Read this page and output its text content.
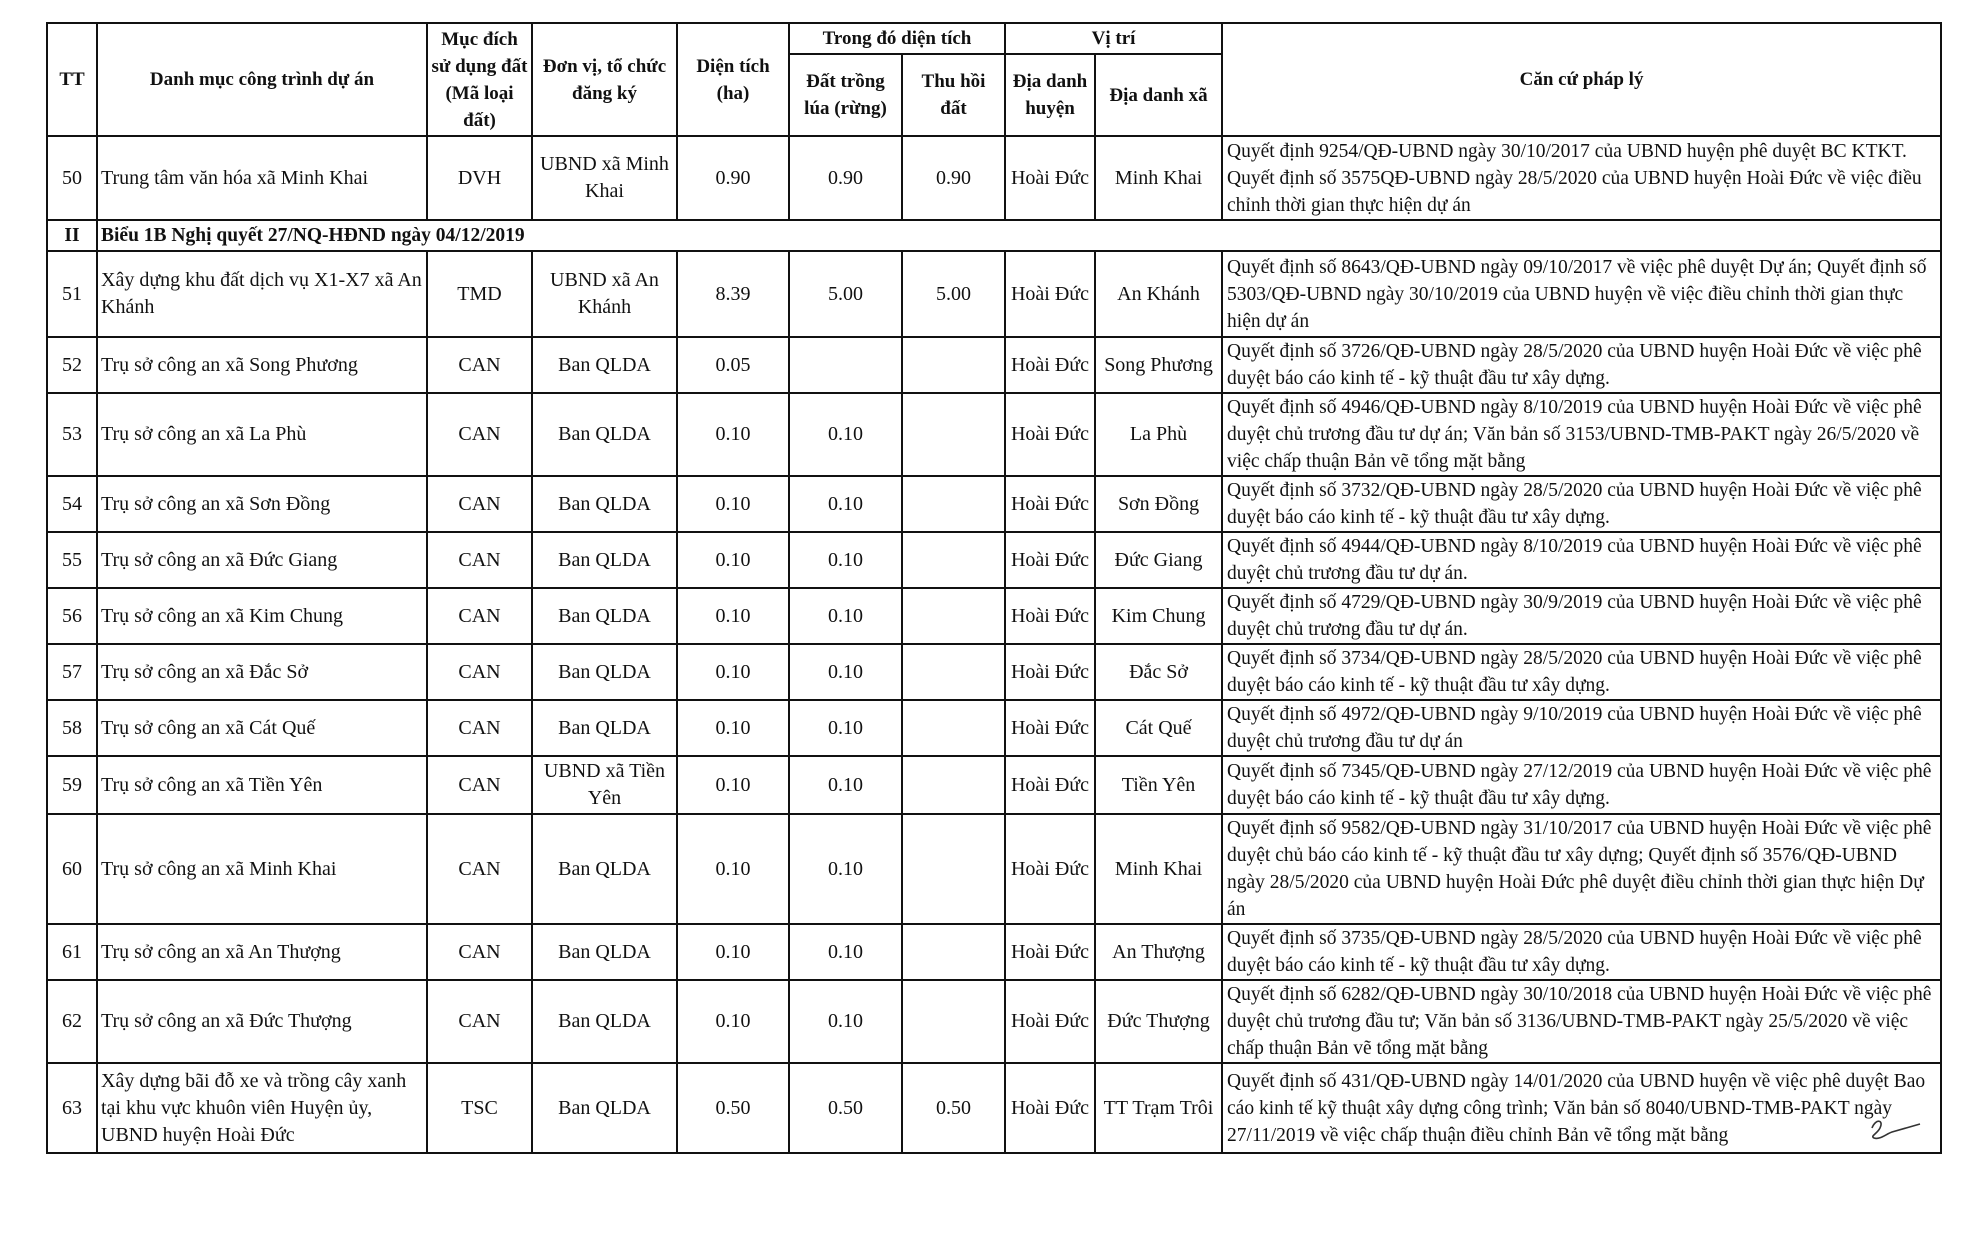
TT	Danh mục công trình dự án	Mục đích sử dụng đất (Mã loại đất)	Đơn vị, tổ chức đăng ký	Diện tích (ha)	Trong đó diện tích		Vị trí		Căn cứ pháp lý
					Đất trồng lúa (rừng)	Thu hồi đất	Địa danh huyện	Địa danh xã	
50	Trung tâm văn hóa xã Minh Khai	DVH	UBND xã Minh Khai	0.90	0.90	0.90	Hoài Đức	Minh Khai	Quyết định 9254/QĐ-UBND ngày 30/10/2017 của UBND huyện phê duyệt BC KTKT. Quyết định số 3575QĐ-UBND ngày 28/5/2020 của UBND huyện Hoài Đức về việc điều chỉnh thời gian thực hiện dự án
II	Biểu 1B Nghị quyết 27/NQ-HĐND ngày 04/12/2019								
51	Xây dựng khu đất dịch vụ X1-X7 xã An Khánh	TMD	UBND xã An Khánh	8.39	5.00	5.00	Hoài Đức	An Khánh	Quyết định số 8643/QĐ-UBND ngày 09/10/2017 về việc phê duyệt Dự án; Quyết định số 5303/QĐ-UBND ngày 30/10/2019 của UBND huyện về việc điều chỉnh thời gian thực hiện dự án
52	Trụ sở công an xã Song Phương	CAN	Ban QLDA	0.05			Hoài Đức	Song Phương	Quyết định số 3726/QĐ-UBND ngày 28/5/2020 của UBND huyện Hoài Đức về việc phê duyệt báo cáo kinh tế - kỹ thuật đầu tư xây dựng.
53	Trụ sở công an xã La Phù	CAN	Ban QLDA	0.10	0.10		Hoài Đức	La Phù	Quyết định số 4946/QĐ-UBND ngày 8/10/2019 của UBND huyện Hoài Đức về việc phê duyệt chủ trương đầu tư dự án; Văn bản số 3153/UBND-TMB-PAKT ngày 26/5/2020 về việc chấp thuận Bản vẽ tổng mặt bằng
54	Trụ sở công an xã Sơn Đồng	CAN	Ban QLDA	0.10	0.10		Hoài Đức	Sơn Đồng	Quyết định số 3732/QĐ-UBND ngày 28/5/2020 của UBND huyện Hoài Đức về việc phê duyệt báo cáo kinh tế - kỹ thuật đầu tư xây dựng.
55	Trụ sở công an xã Đức Giang	CAN	Ban QLDA	0.10	0.10		Hoài Đức	Đức Giang	Quyết định số 4944/QĐ-UBND ngày 8/10/2019 của UBND huyện Hoài Đức về việc phê duyệt chủ trương đầu tư dự án.
56	Trụ sở công an xã Kim Chung	CAN	Ban QLDA	0.10	0.10		Hoài Đức	Kim Chung	Quyết định số 4729/QĐ-UBND ngày 30/9/2019 của UBND huyện Hoài Đức về việc phê duyệt chủ trương đầu tư dự án.
57	Trụ sở công an xã Đắc Sở	CAN	Ban QLDA	0.10	0.10		Hoài Đức	Đắc Sở	Quyết định số 3734/QĐ-UBND ngày 28/5/2020 của UBND huyện Hoài Đức về việc phê duyệt báo cáo kinh tế - kỹ thuật đầu tư xây dựng.
58	Trụ sở công an xã Cát Quế	CAN	Ban QLDA	0.10	0.10		Hoài Đức	Cát Quế	Quyết định số 4972/QĐ-UBND ngày 9/10/2019 của UBND huyện Hoài Đức về việc phê duyệt chủ trương đầu tư dự án
59	Trụ sở công an xã Tiền Yên	CAN	UBND xã Tiền Yên	0.10	0.10		Hoài Đức	Tiền Yên	Quyết định số 7345/QĐ-UBND ngày 27/12/2019 của UBND huyện Hoài Đức về việc phê duyệt báo cáo kinh tế - kỹ thuật đầu tư xây dựng.
60	Trụ sở công an xã Minh Khai	CAN	Ban QLDA	0.10	0.10		Hoài Đức	Minh Khai	Quyết định số 9582/QĐ-UBND ngày 31/10/2017 của UBND huyện Hoài Đức về việc phê duyệt chủ báo cáo kinh tế - kỹ thuật đầu tư xây dựng; Quyết định số 3576/QĐ-UBND ngày 28/5/2020 của UBND huyện Hoài Đức phê duyệt điều chỉnh thời gian thực hiện Dự án
61	Trụ sở công an xã An Thượng	CAN	Ban QLDA	0.10	0.10		Hoài Đức	An Thượng	Quyết định số 3735/QĐ-UBND ngày 28/5/2020 của UBND huyện Hoài Đức về việc phê duyệt báo cáo kinh tế - kỹ thuật đầu tư xây dựng.
62	Trụ sở công an xã Đức Thượng	CAN	Ban QLDA	0.10	0.10		Hoài Đức	Đức Thượng	Quyết định số 6282/QĐ-UBND ngày 30/10/2018 của UBND huyện Hoài Đức về việc phê duyệt chủ trương đầu tư; Văn bản số 3136/UBND-TMB-PAKT ngày 25/5/2020 về việc chấp thuận Bản vẽ tổng mặt bằng
63	Xây dựng bãi đỗ xe và trồng cây xanh tại khu vực khuôn viên Huyện ủy, UBND huyện Hoài Đức	TSC	Ban QLDA	0.50	0.50	0.50	Hoài Đức	TT Trạm Trôi	Quyết định số 431/QĐ-UBND ngày 14/01/2020 của UBND huyện về việc phê duyệt Bao cáo kinh tế kỹ thuật xây dựng công trình; Văn bản số 8040/UBND-TMB-PAKT ngày 27/11/2019 về việc chấp thuận điều chỉnh Bản vẽ tổng mặt bằng
